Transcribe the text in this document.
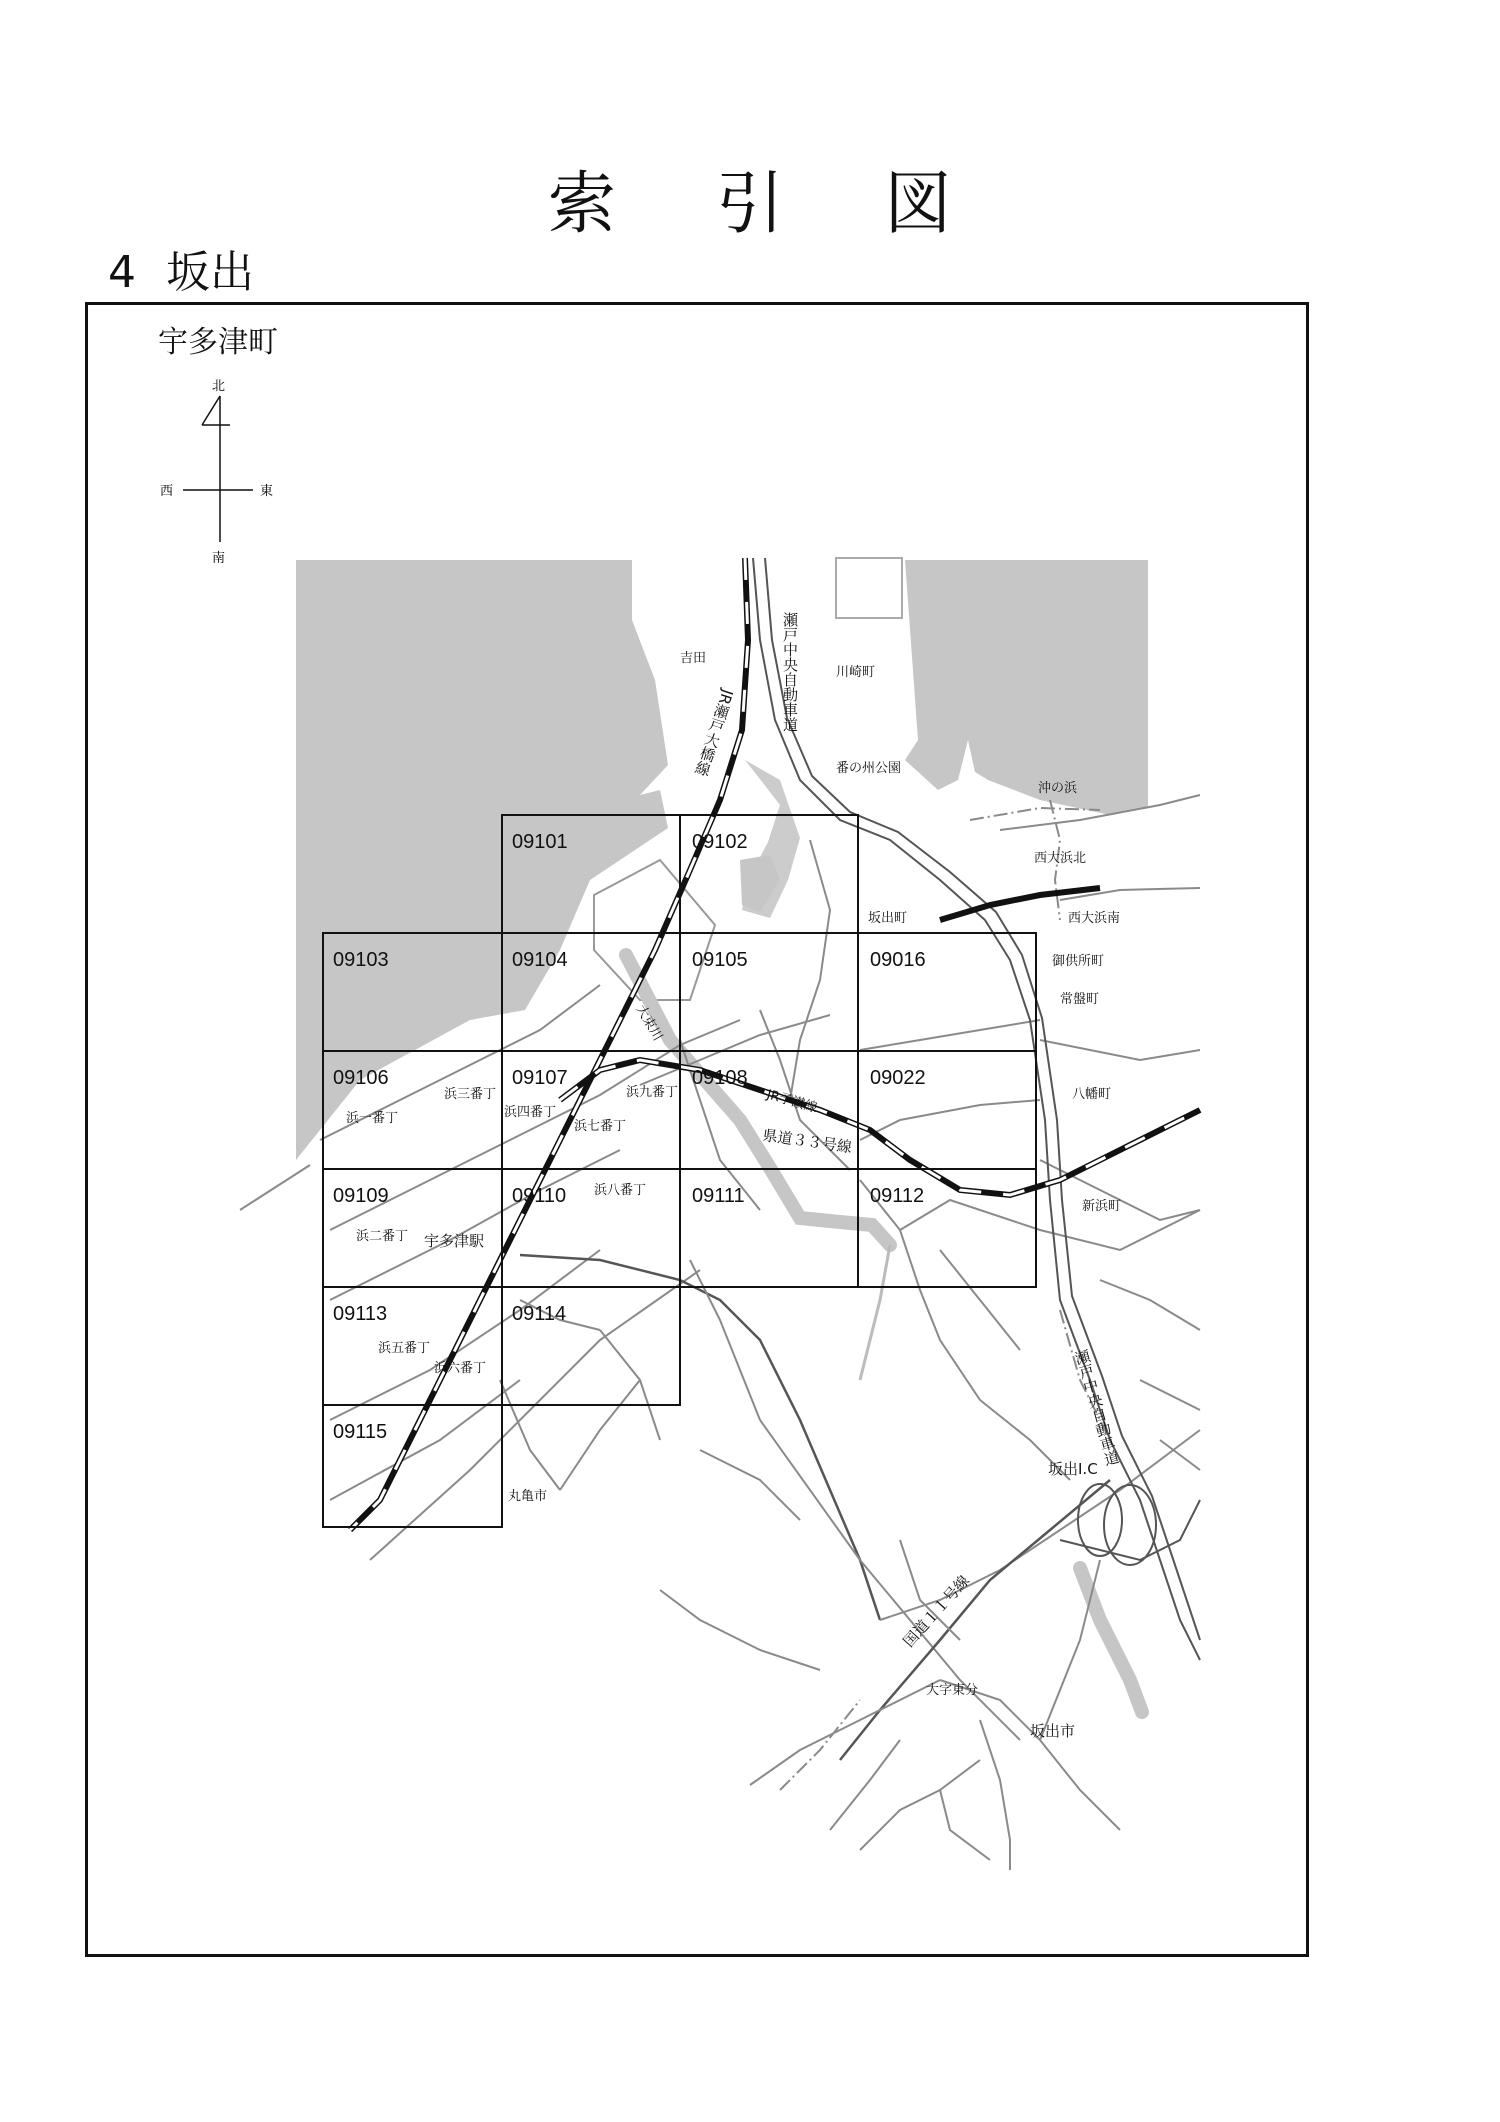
索引図
4 坂出
宇多津町
北
南
西	東
09101	09102
09103	09104	09105	09016
09106	09107	09108	09022
09109	09110	09111	09112
09113	09114
09115
吉田
川崎町
番の州公園
沖の浜
西大浜北
坂出町	西大浜南
御供所町
常盤町
八幡町
新浜町
浜一番丁
浜三番丁
浜四番丁
浜七番丁
浜九番丁
浜八番丁
浜二番丁 宇多津駅
浜五番丁
浜六番丁
丸亀市
坂出I.C
大字東分
坂出市
瀬戸中央自動車道
瀬戸中央自動車道
JR瀬戸大橋線
JR予讃線
県道３３号線
国道１１号線
大束川
